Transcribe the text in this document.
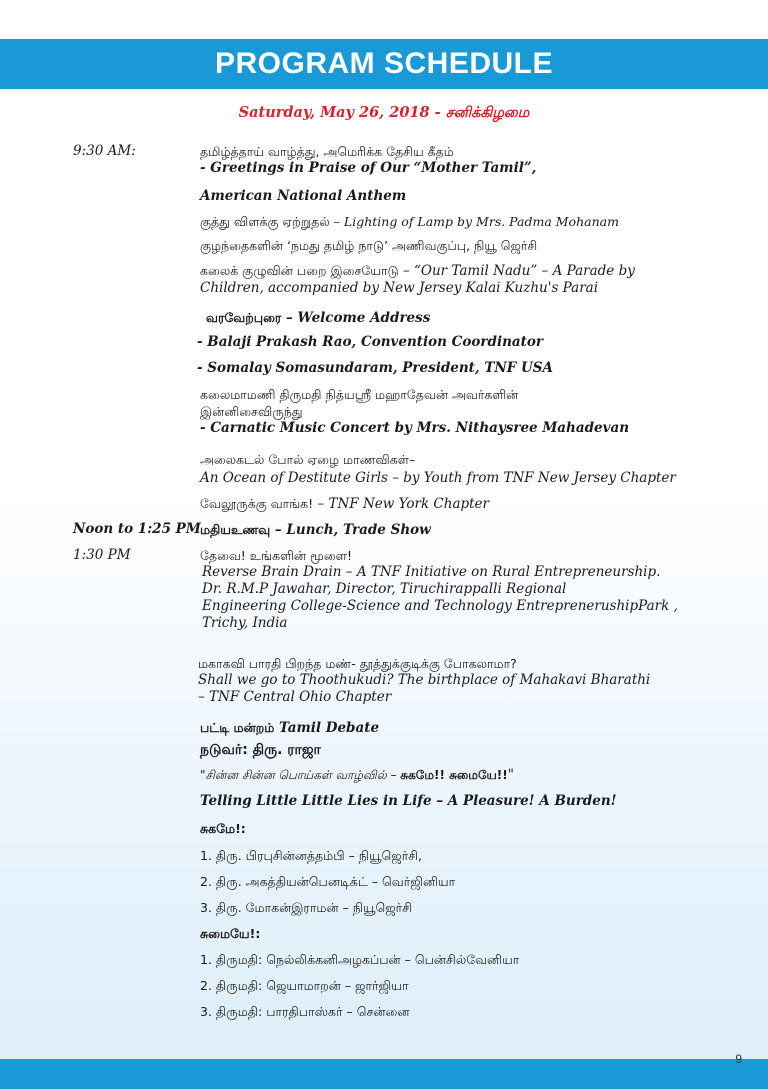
PROGRAM SCHEDULE
Saturday, May 26, 2018 - சனிக்கிழமை
9:30 AM:	தமிழ்த்தாய் வாழ்த்து, அமெரிக்க தேசிய கீதம்
- Greetings in Praise of Our “Mother Tamil”,
American National Anthem
குத்து விளக்கு ஏற்றுதல் – Lighting of Lamp by Mrs. Padma Mohanam
குழந்தைகளின் ‘நமது தமிழ் நாடு’ அணிவகுப்பு, நியூ ஜெர்சி
கலைக் குழுவின் பறை இசையோடு – “Our Tamil Nadu” – A Parade by
Children, accompanied by New Jersey Kalai Kuzhu's Parai
வரவேற்புரை – Welcome Address
- Balaji Prakash Rao, Convention Coordinator
- Somalay Somasundaram, President, TNF USA
கலைமாமணி திருமதி நித்யஸ்ரீ மஹாதேவன் அவர்களின்
இன்னிசைவிருந்து
- Carnatic Music Concert by Mrs. Nithaysree Mahadevan
அலைகடல் போல் ஏழை மாணவிகள்–
An Ocean of Destitute Girls – by Youth from TNF New Jersey Chapter
வேலூருக்கு வாங்க! – TNF New York Chapter
Noon to 1:25 PM மதியஉணவு – Lunch, Trade Show
1:30 PM	தேவை! உங்களின் மூளை!
Reverse Brain Drain – A TNF Initiative on Rural Entrepreneurship.
Dr. R.M.P Jawahar, Director, Tiruchirappalli Regional
Engineering College-Science and Technology EntreprenerushipPark ,
Trichy, India
மகாகவி பாரதி பிறந்த மண்- தூத்துக்குடிக்கு போகலாமா?
Shall we go to Thoothukudi? The birthplace of Mahakavi Bharathi
– TNF Central Ohio Chapter
பட்டி மன்றம் Tamil Debate
நடுவர்: திரு. ராஜா
"சின்ன சின்ன பொய்கள் வாழ்வில் – சுகமே!! சுமையே!!"
Telling Little Little Lies in Life – A Pleasure! A Burden!
சுகமே!:
1. திரு. பிரபுசின்னத்தம்பி – நியூஜெர்சி,
2. திரு. அகத்தியன்பெனடிக்ட் – வெர்ஜினியா
3. திரு. மோகன்இராமன் – நியூஜெர்சி
சுமையே!:
1. திருமதி: நெல்லிக்கனிஅழகப்பன் – பென்சில்வேனியா
2. திருமதி: ஜெயாமாறன் – ஜார்ஜியா
3. திருமதி: பாரதிபாஸ்கர் – சென்னை
9
